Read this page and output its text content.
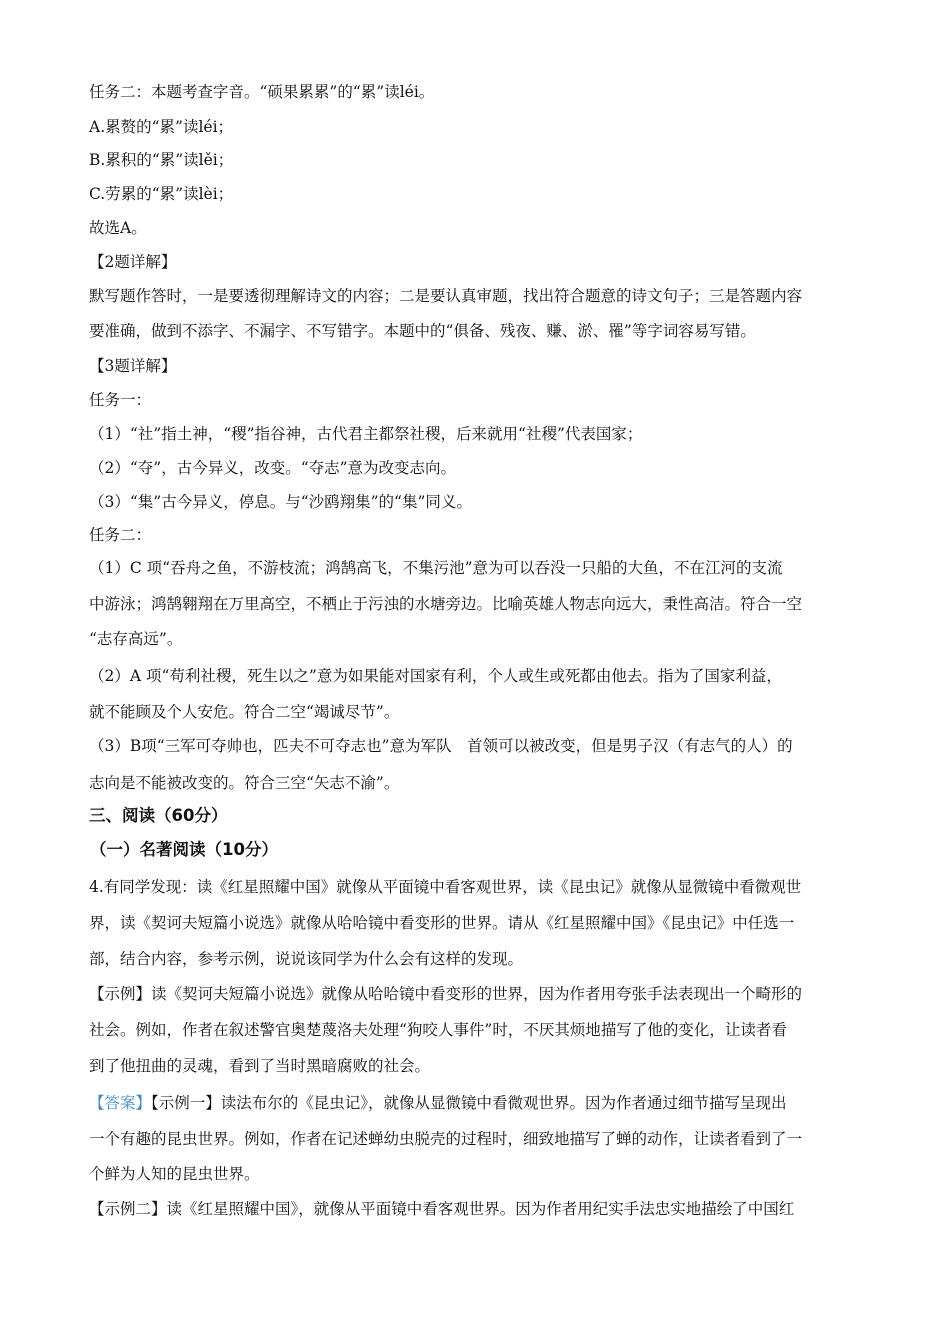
任务二：本题考查字音。“硕果累累”的“累”读léi。
A.累赘的“累”读léi；
B.累积的“累”读lěi；
C.劳累的“累”读lèi；
故选A。
【2题详解】
默写题作答时，一是要透彻理解诗文的内容；二是要认真审题，找出符合题意的诗文句子；三是答题内容
要准确，做到不添字、不漏字、不写错字。本题中的“俱备、残夜、赚、淤、罹”等字词容易写错。
【3题详解】
任务一：
（1）“社”指土神，“稷”指谷神，古代君主都祭社稷，后来就用“社稷”代表国家；
（2）“夺”，古今异义，改变。“夺志”意为改变志向。
（3）“集”古今异义，停息。与“沙鸥翔集”的“集”同义。
任务二：
（1）C 项“吞舟之鱼，不游枝流；鸿鹄高飞，不集污池”意为可以吞没一只船的大鱼，不在江河的支流
中游泳；鸿鹄翱翔在万里高空，不栖止于污浊的水塘旁边。比喻英雄人物志向远大，秉性高洁。符合一空
“志存高远”。
（2）A 项“苟利社稷，死生以之”意为如果能对国家有利，个人或生或死都由他去。指为了国家利益，
就不能顾及个人安危。符合二空“竭诚尽节”。
（3）B项“三军可夺帅也，匹夫不可夺志也”意为军队　首领可以被改变，但是男子汉（有志气的人）的
志向是不能被改变的。符合三空“矢志不渝”。
三、阅读（60分）
（一）名著阅读（10分）
4.有同学发现：读《红星照耀中国》就像从平面镜中看客观世界，读《昆虫记》就像从显微镜中看微观世
界，读《契诃夫短篇小说选》就像从哈哈镜中看变形的世界。请从《红星照耀中国》《昆虫记》中任选一
部，结合内容，参考示例，说说该同学为什么会有这样的发现。
【示例】读《契诃夫短篇小说选》就像从哈哈镜中看变形的世界，因为作者用夸张手法表现出一个畸形的
社会。例如，作者在叙述警官奥楚蔑洛夫处理“狗咬人事件”时，不厌其烦地描写了他的变化，让读者看
到了他扭曲的灵魂，看到了当时黑暗腐败的社会。
【答案】【示例一】读法布尔的《昆虫记》，就像从显微镜中看微观世界。因为作者通过细节描写呈现出
一个有趣的昆虫世界。例如，作者在记述蝉幼虫脱壳的过程时，细致地描写了蝉的动作，让读者看到了一
个鲜为人知的昆虫世界。
【示例二】读《红星照耀中国》，就像从平面镜中看客观世界。因为作者用纪实手法忠实地描绘了中国红
